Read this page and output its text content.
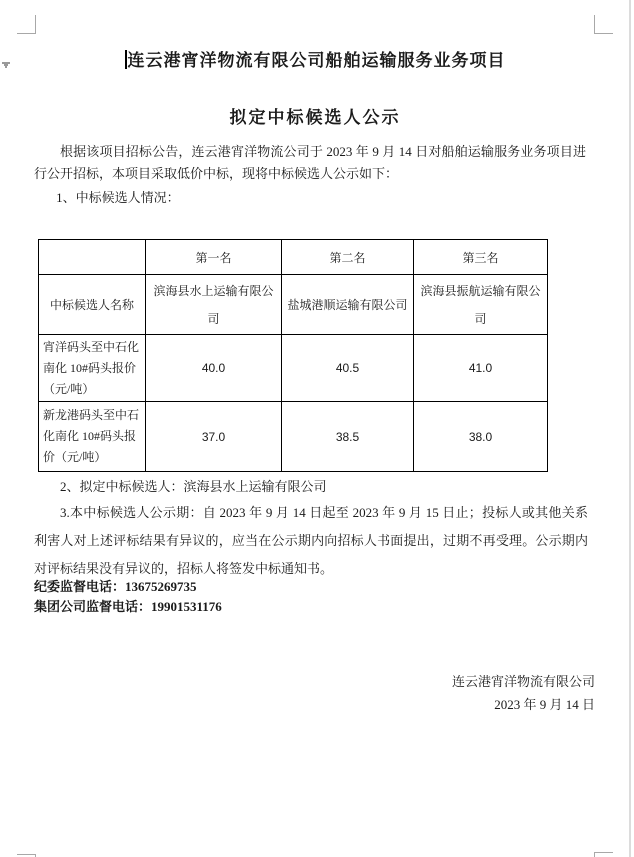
连云港宵洋物流有限公司船舶运输服务业务项目
拟定中标候选人公示
根据该项目招标公告，连云港宵洋物流公司于 2023 年 9 月 14 日对船舶运输服务业务项目进行公开招标，本项目采取低价中标，现将中标候选人公示如下：
1、中标候选人情况：
	第一名	第二名	第三名
中标候选人名称	滨海县水上运输有限公司	盐城港顺运输有限公司	滨海县振航运输有限公司
宵洋码头至中石化南化 10#码头报价（元/吨）	40.0	40.5	41.0
新龙港码头至中石化南化 10#码头报价（元/吨）	37.0	38.5	38.0
2、拟定中标候选人：滨海县水上运输有限公司
3.本中标候选人公示期：自 2023 年 9 月 14 日起至 2023 年 9 月 15 日止；投标人或其他关系利害人对上述评标结果有异议的，应当在公示期内向招标人书面提出，过期不再受理。公示期内对评标结果没有异议的，招标人将签发中标通知书。
纪委监督电话：13675269735
集团公司监督电话：19901531176
连云港宵洋物流有限公司
2023 年 9 月 14 日
